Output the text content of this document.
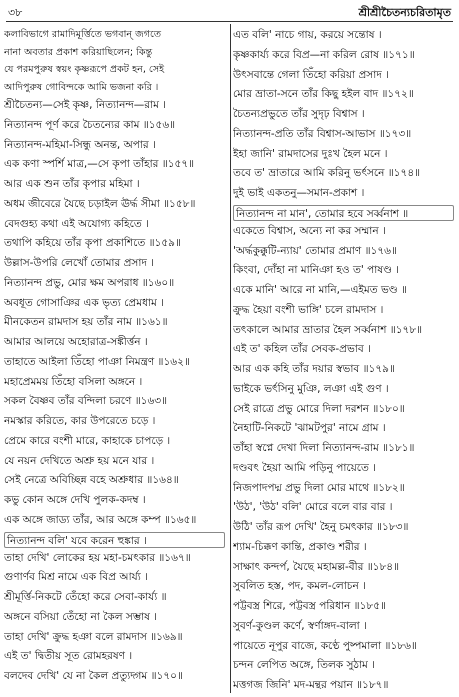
৩৮	শ্রীশ্রীচৈতন্যচরিতামৃত
কলাবিভাগে রামাদিমূর্ত্তিতে ভগবান্ জগতে
নানা অবতার প্রকাশ করিয়াছিলেন; কিন্তু
যে পরমপুরুষ স্বয়ং কৃষ্ণরূপে প্রকট হন, সেই
আদিপুরুষ গোবিন্দকে আমি ভজনা করি ।
শ্রীচৈতন্য—সেই কৃষ্ণ, নিত্যানন্দ—রাম ।
নিত্যানন্দ পূর্ণ করে চৈতন্যের কাম ॥১৫৬॥
নিত্যানন্দ-মহিমা-সিন্ধু অনন্ত, অপার ।
এক কণা স্পর্শি মাত্র,—সে কৃপা তাঁহার ॥১৫৭॥
আর এক শুন তাঁর কৃপার মহিমা ।
অধম জীবেরে যৈছে চড়াইল ঊর্দ্ধ সীমা ॥১৫৮॥
বেদগুহ্য কথা এই অযোগ্য কহিতে ।
তথাপি কহিয়ে তাঁর কৃপা প্রকাশিতে ॥১৫৯॥
উল্লাস-উপরি লেখোঁ তোমার প্রসাদ ।
নিত্যানন্দ প্রভু, মোর ক্ষম অপরাধ ॥১৬০॥
অবধূত গোসাঞির এক ভৃত্য প্রেমধাম ।
মীনকেতন রামদাস হয় তাঁর নাম ॥১৬১॥
আমার আলয়ে অহোরাত্র-সঙ্কীর্ত্তন ।
তাহাতে আইলা তিঁহো পাঞা নিমন্ত্রণ ॥১৬২॥
মহাপ্রেমময় তিঁহো বসিলা অঙ্গনে ।
সকল বৈষ্ণব তাঁর বন্দিলা চরণে ॥১৬৩॥
নমস্কার করিতে, কার উপরেতে চড়ে ।
প্রেমে কারে বংশী মারে, কাহাকে চাপড়ে ।
যে নয়ন দেখিতে অশ্রু হয় মনে যার ।
সেই নেত্রে অবিচ্ছিন্ন বহে অশ্রুধার ॥১৬৪॥
কভু কোন অঙ্গে দেখি পুলক-কদম্ব ।
এক অঙ্গে জাড্য তাঁর, আর অঙ্গে কম্প ॥১৬৫॥
নিত্যানন্দ বলি' যবে করেন হুঙ্কার ।
তাহা দেখি' লোকের হয় মহা-চমৎকার ॥১৬৭॥
গুণার্ণব মিশ্র নামে এক বিপ্র আর্য্য ।
শ্রীমূর্ত্তি-নিকটে তেঁহো করে সেবা-কার্য্য ॥
অঙ্গনে বসিয়া তেঁহো না কৈল সম্ভাষ ।
তাহা দেখি' ক্রুদ্ধ হঞা বলে রামদাস ॥১৬৯॥
এই ত' দ্বিতীয় সূত রোমহরষণ ।
বলদেব দেখি' যে না কৈল প্রত্যুদ্গম ॥১৭০॥
এত বলি' নাচে গায়, করয়ে সন্তোষ ।
কৃষ্ণকার্য্য করে বিপ্র—না করিল রোষ ॥১৭১॥
উৎসবান্তে গেলা তিঁহো করিয়া প্রসাদ ।
মোর ভ্রাতা-সনে তাঁর কিছু হইল বাদ ॥১৭২॥
চৈতন্যপ্রভুতে তাঁর সুদৃঢ় বিশ্বাস ।
নিত্যানন্দ-প্রতি তাঁর বিশ্বাস-আভাস ॥১৭৩॥
ইহা জানি' রামদাসের দুঃখ হৈল মনে ।
তবে ত' ভ্রাতারে আমি করিনু ভর্ৎসনে ॥১৭৪॥
দুই ভাই একতনু—সমান-প্রকাশ ।
নিত্যানন্দ না মান', তোমার হবে সর্ব্বনাশ ॥
একেতে বিশ্বাস, অন্যে না কর সম্মান ।
'অর্দ্ধকুক্কুটি-ন্যায়' তোমার প্রমাণ ॥১৭৬॥
কিংবা, দোঁহা না মানিঞা হও ত' পাষণ্ড ।
একে মানি' আরে না মানি,—এইমত ভণ্ড ॥
ক্রুদ্ধ হৈয়া বংশী ভাঙ্গি' চলে রামদাস ।
তৎকালে আমার ভ্রাতার হৈল সর্ব্বনাশ ॥১৭৮॥
এই ত' কহিল তাঁর সেবক-প্রভাব ।
আর এক কহি তাঁর দয়ার স্বভাব ॥১৭৯॥
ভাইকে ভর্ৎসিনু মুঞি, লঞা এই গুণ ।
সেই রাত্রে প্রভু মোরে দিলা দরশন ॥১৮০॥
নৈহাটি-নিকটে 'ঝামটপুর' নামে গ্রাম ।
তাঁহা স্বপ্নে দেখা দিলা নিত্যানন্দ-রাম ॥১৮১॥
দণ্ডবৎ হৈয়া আমি পড়িনু পায়েতে ।
নিজপাদপদ্ম প্রভু দিলা মোর মাথে ॥১৮২॥
'উঠ', 'উঠ' বলি' মোরে বলে বার বার ।
উঠি' তাঁর রূপ দেখি' হৈনু চমৎকার ॥১৮৩॥
শ্যাম-চিক্কণ কান্তি, প্রকাণ্ড শরীর ।
সাক্ষাৎ কন্দর্প, যৈছে মহামল্ল-বীর ॥১৮৪॥
সুবলিত হস্ত, পদ, কমল-লোচন ।
পট্টবস্ত্র শিরে, পট্টবস্ত্র পরিধান ॥১৮৫॥
সুবর্ণ-কুণ্ডল কর্ণে, স্বর্ণাঙ্গদ-বালা ।
পায়েতে নূপুর বাজে, কণ্ঠে পুষ্পমালা ॥১৮৬॥
চন্দন লেপিত অঙ্গে, তিলক সুঠাম ।
মত্তগজ জিনি' মদ-মন্থর পয়ান ॥১৮৭॥
